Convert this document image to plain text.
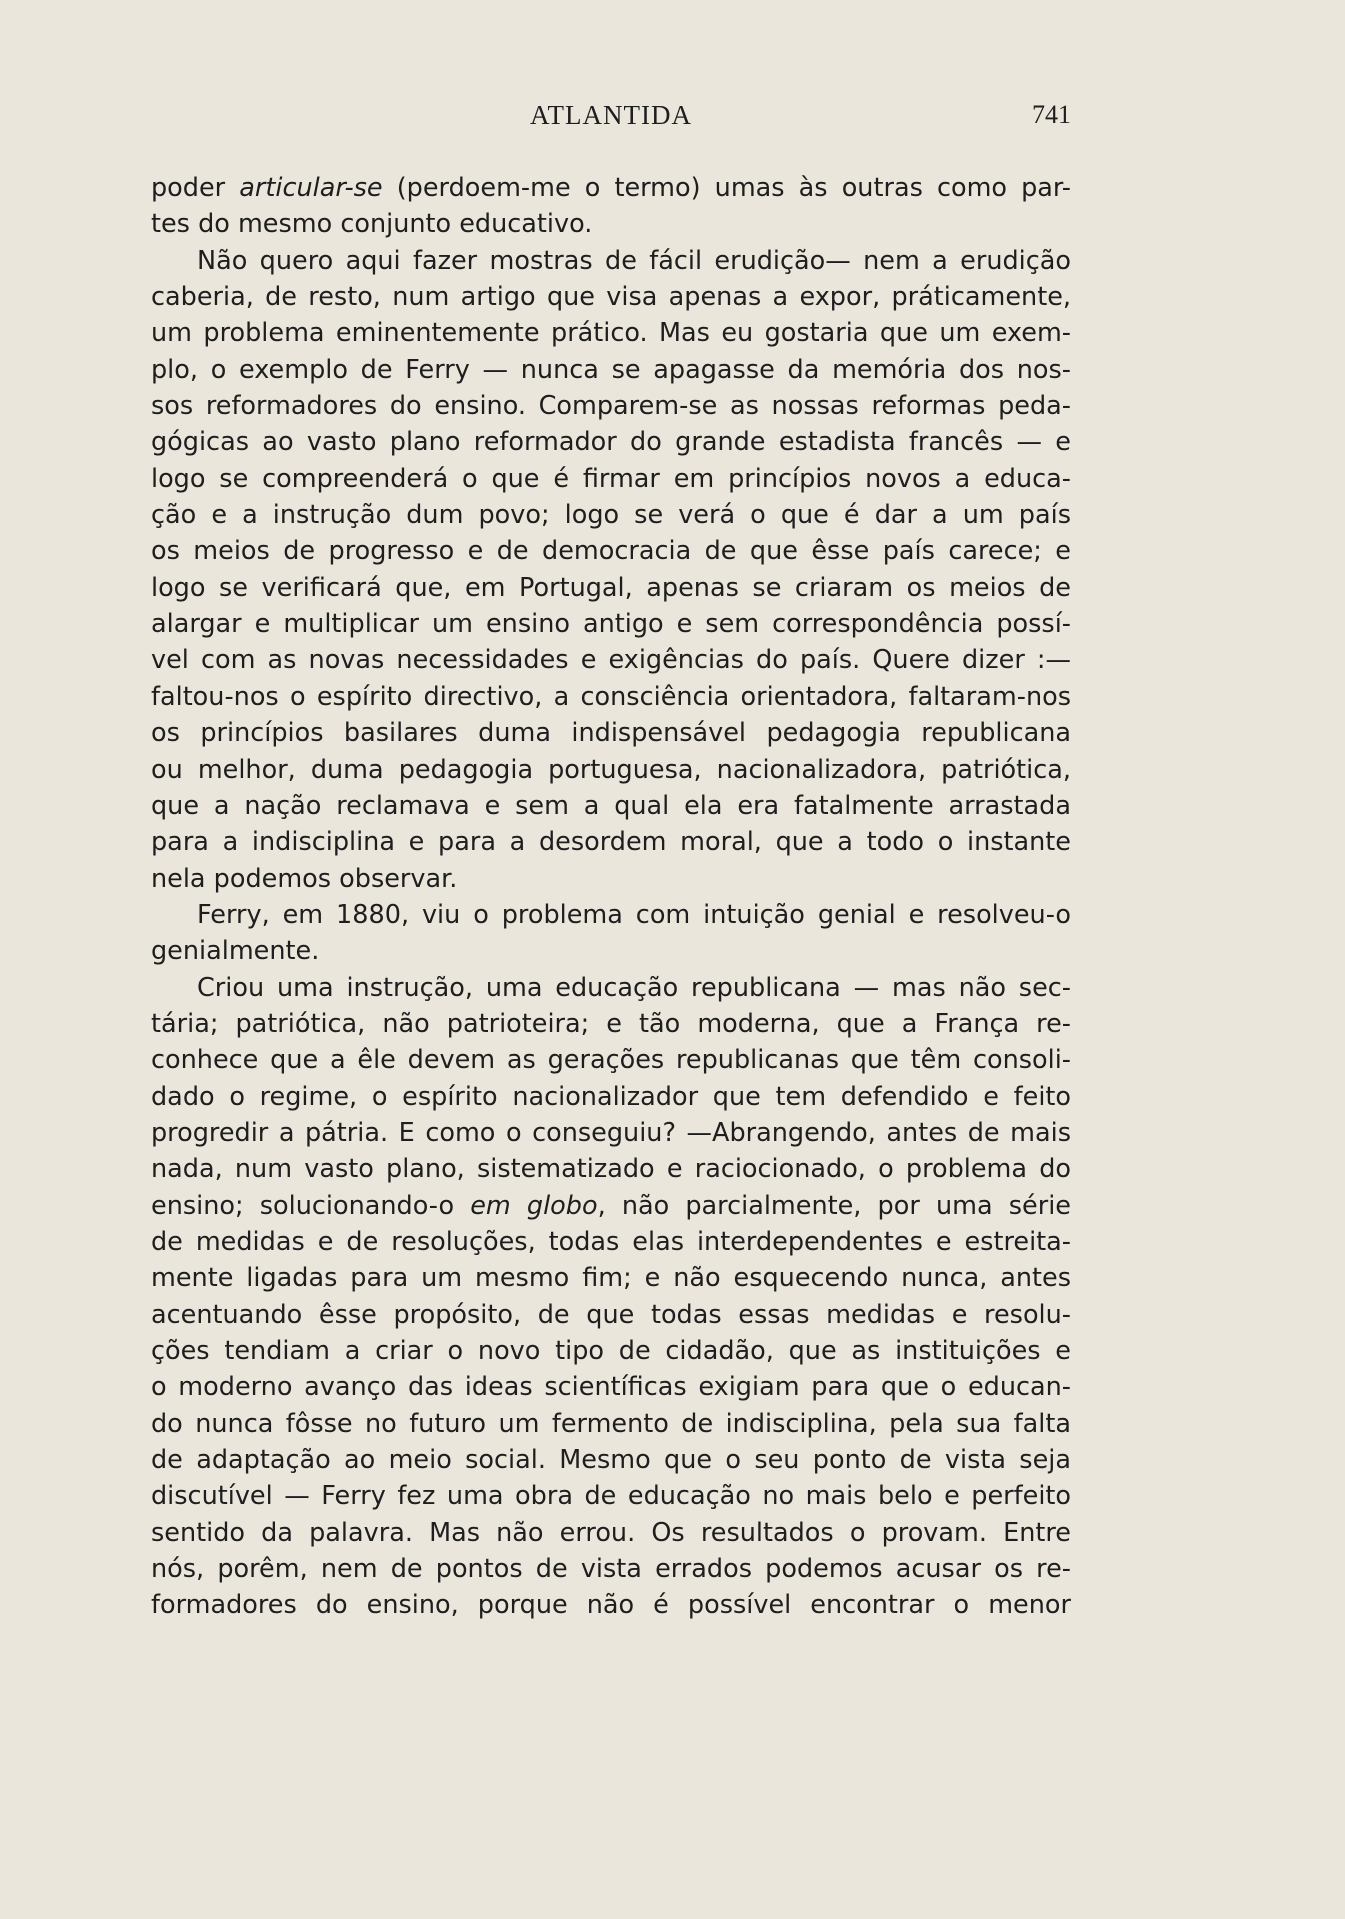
ATLANTIDA	741
poder articular-se (perdoem-me o termo) umas às outras como par-
tes do mesmo conjunto educativo.
Não quero aqui fazer mostras de fácil erudição— nem a erudição
caberia, de resto, num artigo que visa apenas a expor, práticamente,
um problema eminentemente prático. Mas eu gostaria que um exem-
plo, o exemplo de Ferry — nunca se apagasse da memória dos nos-
sos reformadores do ensino. Comparem-se as nossas reformas peda-
gógicas ao vasto plano reformador do grande estadista francês — e
logo se compreenderá o que é firmar em princípios novos a educa-
ção e a instrução dum povo; logo se verá o que é dar a um país
os meios de progresso e de democracia de que êsse país carece; e
logo se verificará que, em Portugal, apenas se criaram os meios de
alargar e multiplicar um ensino antigo e sem correspondência possí-
vel com as novas necessidades e exigências do país. Quere dizer :—
faltou-nos o espírito directivo, a consciência orientadora, faltaram-nos
os princípios basilares duma indispensável pedagogia republicana
ou melhor, duma pedagogia portuguesa, nacionalizadora, patriótica,
que a nação reclamava e sem a qual ela era fatalmente arrastada
para a indisciplina e para a desordem moral, que a todo o instante
nela podemos observar.
Ferry, em 1880, viu o problema com intuição genial e resolveu-o
genialmente.
Criou uma instrução, uma educação republicana — mas não sec-
tária; patriótica, não patrioteira; e tão moderna, que a França re-
conhece que a êle devem as gerações republicanas que têm consoli-
dado o regime, o espírito nacionalizador que tem defendido e feito
progredir a pátria. E como o conseguiu? —Abrangendo, antes de mais
nada, num vasto plano, sistematizado e raciocionado, o problema do
ensino; solucionando-o em globo, não parcialmente, por uma série
de medidas e de resoluções, todas elas interdependentes e estreita-
mente ligadas para um mesmo fim; e não esquecendo nunca, antes
acentuando êsse propósito, de que todas essas medidas e resolu-
ções tendiam a criar o novo tipo de cidadão, que as instituições e
o moderno avanço das ideas scientíficas exigiam para que o educan-
do nunca fôsse no futuro um fermento de indisciplina, pela sua falta
de adaptação ao meio social. Mesmo que o seu ponto de vista seja
discutível — Ferry fez uma obra de educação no mais belo e perfeito
sentido da palavra. Mas não errou. Os resultados o provam. Entre
nós, porêm, nem de pontos de vista errados podemos acusar os re-
formadores do ensino, porque não é possível encontrar o menor
